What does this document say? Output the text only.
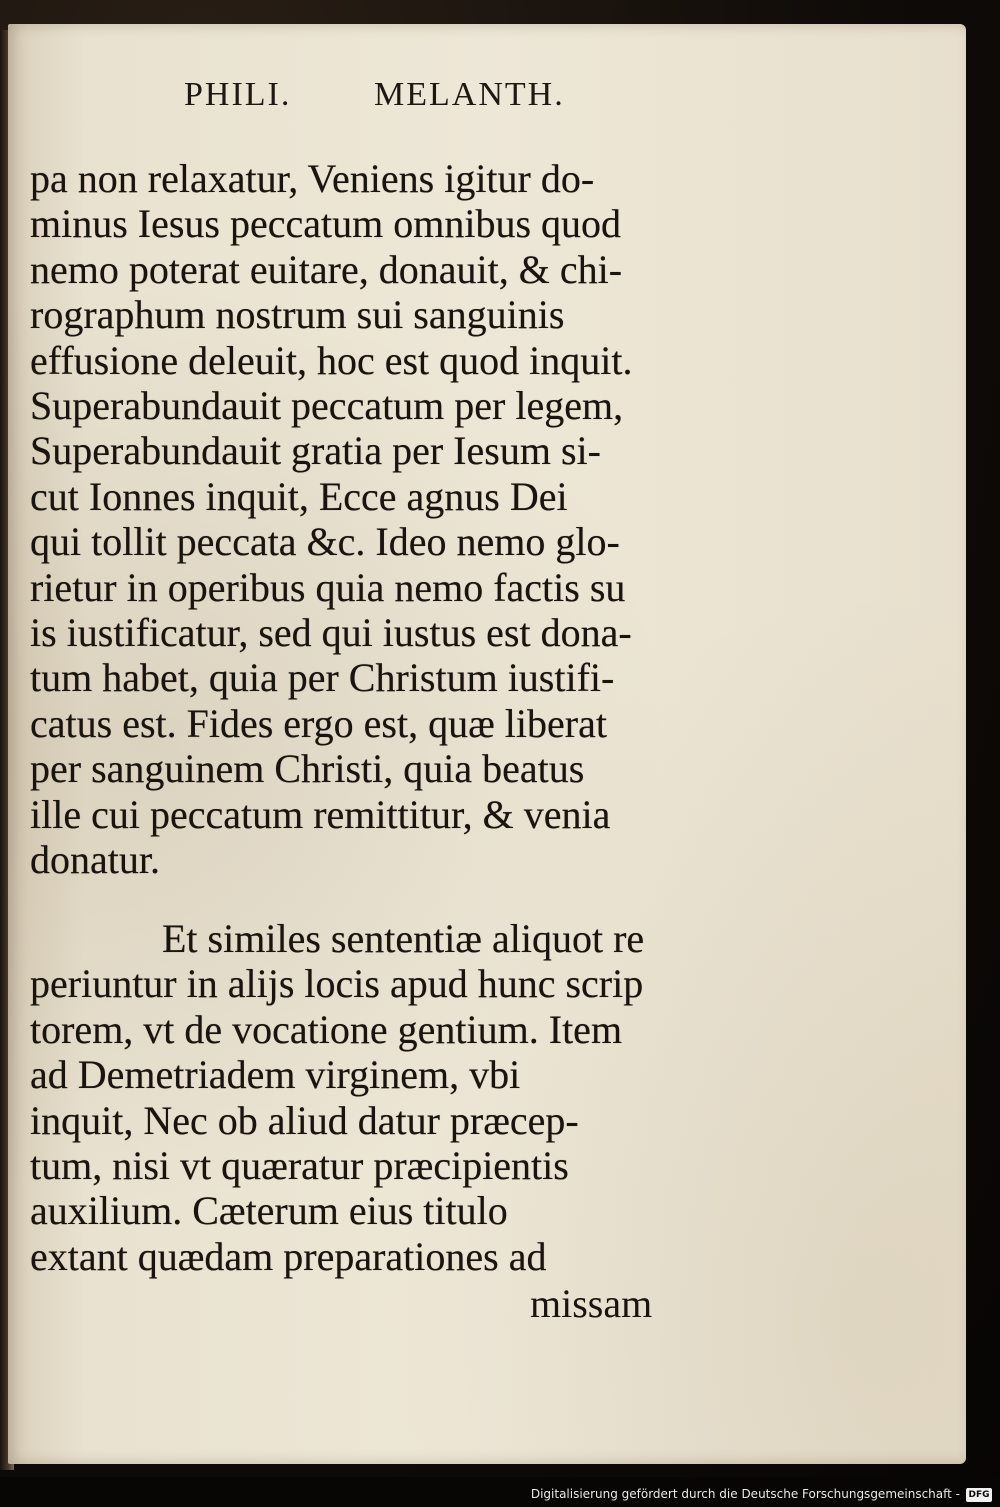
PHILI. MELANTH.
pa non relaxatur, Veniens igitur do-
minus Iesus peccatum omnibus quod
nemo poterat euitare, donauit, & chi-
rographum nostrum sui sanguinis
effusione deleuit, hoc est quod inquit.
Superabundauit peccatum per legem,
Superabundauit gratia per Iesum si-
cut Ionnes inquit, Ecce agnus Dei
qui tollit peccata &c. Ideo nemo glo-
rietur in operibus quia nemo factis su
is iustificatur, sed qui iustus est dona-
tum habet, quia per Christum iustifi-
catus est. Fides ergo est, quæ liberat
per sanguinem Christi, quia beatus
ille cui peccatum remittitur, & venia
donatur.
Et similes sententiæ aliquot re
periuntur in alijs locis apud hunc scrip
torem, vt de vocatione gentium. Item
ad Demetriadem virginem, vbi
inquit, Nec ob aliud datur præcep-
tum, nisi vt quæratur præcipientis
auxilium. Cæterum eius titulo
extant quædam preparationes ad
missam
Digitalisierung gefördert durch die Deutsche Forschungsgemeinschaft - DFG
